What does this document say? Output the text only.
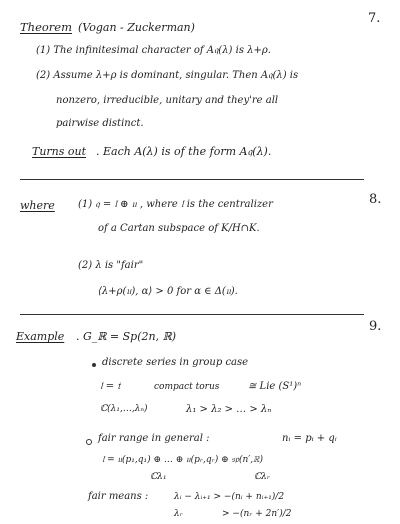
7.
8.
9.
Theorem (Vogan - Zuckerman)
(1) The infinitesimal character of A𝔮(λ) is λ+ρ.
(2) Assume λ+ρ is dominant, singular. Then A𝔮(λ) is
nonzero, irreducible, unitary and they're all
pairwise distinct.
Turns out . Each A(λ) is of the form A𝔮(λ).
where (1) 𝔮 = 𝔩 ⊕ 𝔲 , where 𝔩 is the centralizer
of a Cartan subspace of K/H∩K.
(2) λ is "fair"
⟨λ+ρ(𝔲), α⟩ > 0 for α ∈ Δ(𝔲).
Example . G_ℝ = Sp(2n, ℝ)
discrete series in group case
𝔩 = 𝔱	compact torus	≅ Lie (S¹)ⁿ
ℂ(λ₁,…,λₙ)	λ₁ > λ₂ > … > λₙ
fair range in general :	nᵢ = pᵢ + qᵢ
𝔩 = 𝔲(p₁,q₁) ⊕ … ⊕ 𝔲(pᵣ,qᵣ) ⊕ 𝔰𝔭(n′,ℝ)
ℂλ₁	ℂλᵣ
fair means :	λᵢ − λᵢ₊₁ > −(nᵢ + nᵢ₊₁)/2
λᵣ	> −(nᵣ + 2n′)/2
